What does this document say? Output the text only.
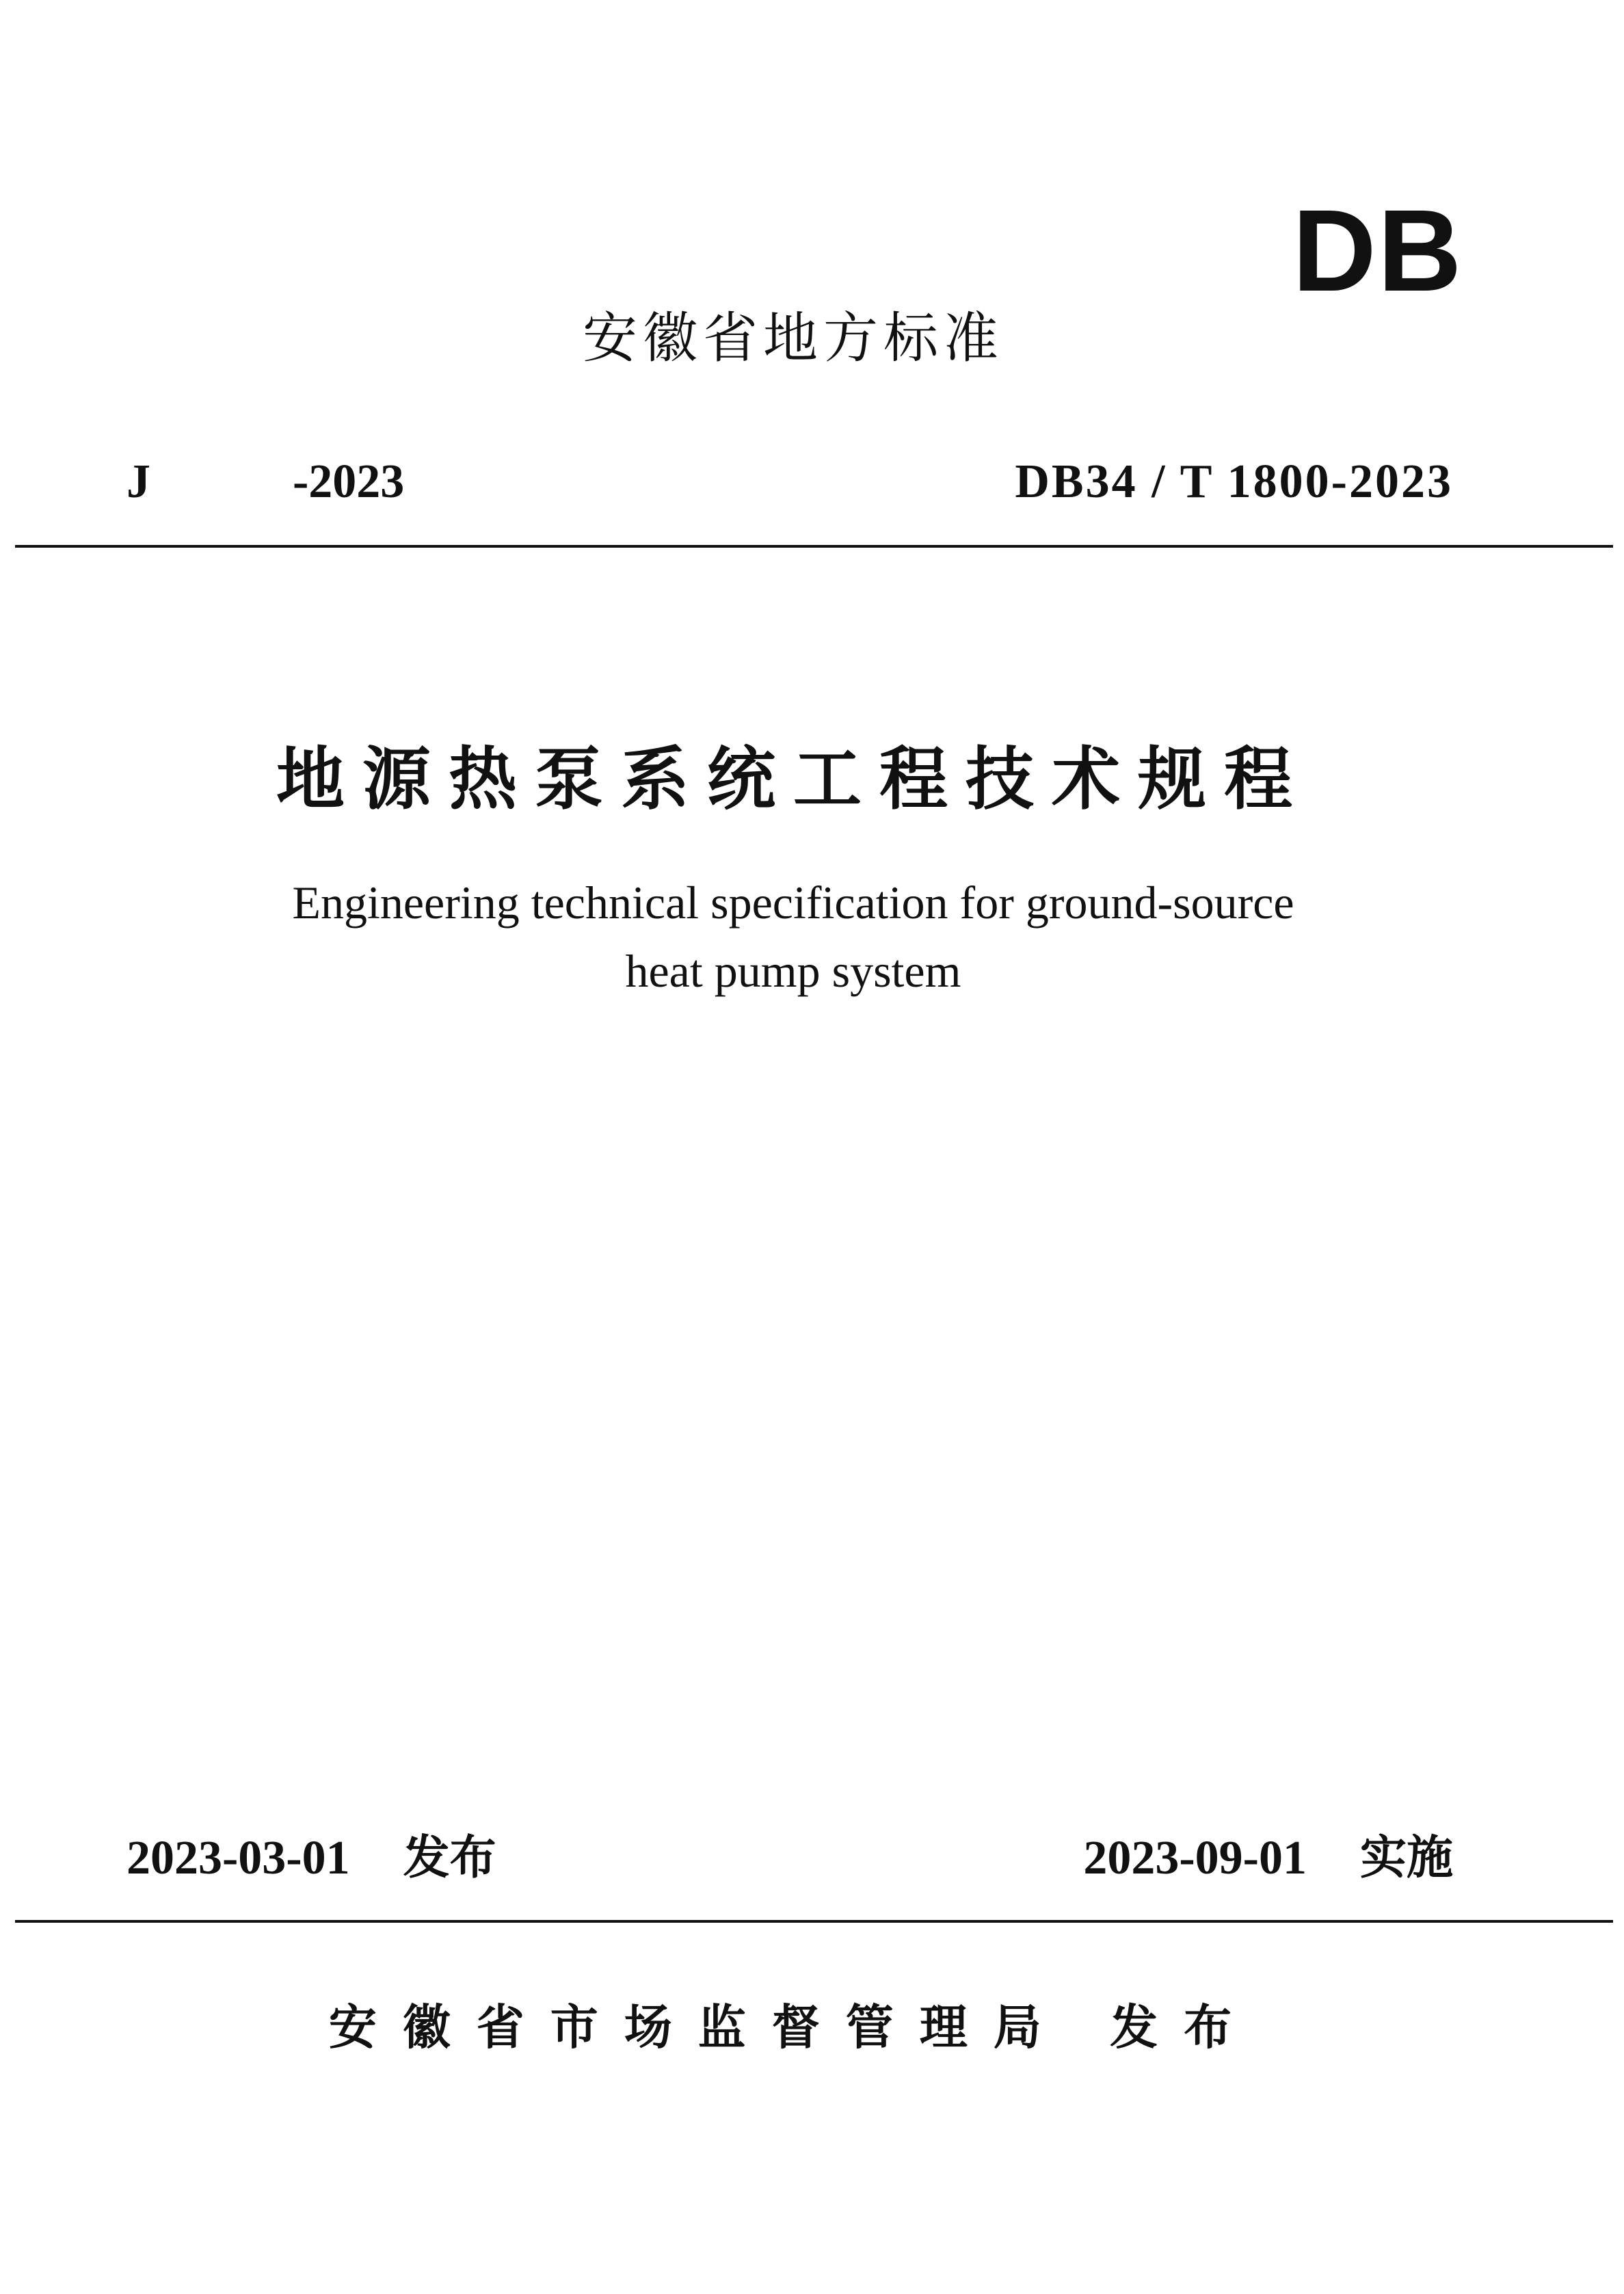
DB
安徽省地方标准
J	-2023	DB34 / T 1800-2023
地源热泵系统工程技术规程
Engineering technical specification for ground-source
heat pump system
2023-03-01 发布	2023-09-01 实施
安徽省市场监督管理局 发布
